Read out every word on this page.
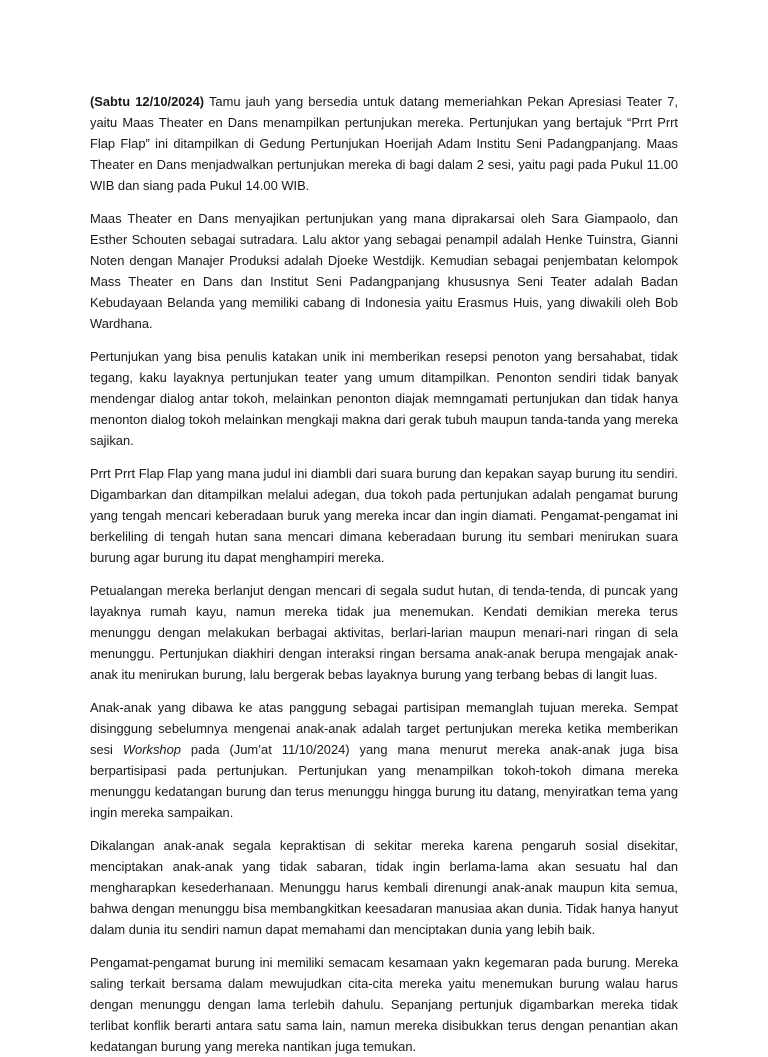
(Sabtu 12/10/2024) Tamu jauh yang bersedia untuk datang memeriahkan Pekan Apresiasi Teater 7, yaitu Maas Theater en Dans menampilkan pertunjukan mereka. Pertunjukan yang bertajuk “Prrt Prrt Flap Flap” ini ditampilkan di Gedung Pertunjukan Hoerijah Adam Institu Seni Padangpanjang. Maas Theater en Dans menjadwalkan pertunjukan mereka di bagi dalam 2 sesi, yaitu pagi pada Pukul 11.00 WIB dan siang pada Pukul 14.00 WIB.

Maas Theater en Dans menyajikan pertunjukan yang mana diprakarsai oleh Sara Giampaolo, dan Esther Schouten sebagai sutradara. Lalu aktor yang sebagai penampil adalah Henke Tuinstra, Gianni Noten dengan Manajer Produksi adalah Djoeke Westdijk. Kemudian sebagai penjembatan kelompok Mass Theater en Dans dan Institut Seni Padangpanjang khususnya Seni Teater adalah Badan Kebudayaan Belanda yang memiliki cabang di Indonesia yaitu Erasmus Huis, yang diwakili oleh Bob Wardhana.

Pertunjukan yang bisa penulis katakan unik ini memberikan resepsi penoton yang bersahabat, tidak tegang, kaku layaknya pertunjukan teater yang umum ditampilkan. Penonton sendiri tidak banyak mendengar dialog antar tokoh, melainkan penonton diajak memngamati pertunjukan dan tidak hanya menonton dialog tokoh melainkan mengkaji makna dari gerak tubuh maupun tanda-tanda yang mereka sajikan.

Prrt Prrt Flap Flap yang mana judul ini diambli dari suara burung dan kepakan sayap burung itu sendiri. Digambarkan dan ditampilkan melalui adegan, dua tokoh pada pertunjukan adalah pengamat burung yang tengah mencari keberadaan buruk yang mereka incar dan ingin diamati. Pengamat-pengamat ini berkeliling di tengah hutan sana mencari dimana keberadaan burung itu sembari menirukan suara burung agar burung itu dapat menghampiri mereka.

Petualangan mereka berlanjut dengan mencari di segala sudut hutan, di tenda-tenda, di puncak yang layaknya rumah kayu, namun mereka tidak jua menemukan. Kendati demikian mereka terus menunggu dengan melakukan berbagai aktivitas, berlari-larian maupun menari-nari ringan di sela menunggu. Pertunjukan diakhiri dengan interaksi ringan bersama anak-anak berupa mengajak anak-anak itu menirukan burung, lalu bergerak bebas layaknya burung yang terbang bebas di langit luas.

Anak-anak yang dibawa ke atas panggung sebagai partisipan memanglah tujuan mereka. Sempat disinggung sebelumnya mengenai anak-anak adalah target pertunjukan mereka ketika memberikan sesi Workshop pada (Jum’at 11/10/2024) yang mana menurut mereka anak-anak juga bisa berpartisipasi pada pertunjukan. Pertunjukan yang menampilkan tokoh-tokoh dimana mereka menunggu kedatangan burung dan terus menunggu hingga burung itu datang, menyiratkan tema yang ingin mereka sampaikan.

Dikalangan anak-anak segala kepraktisan di sekitar mereka karena pengaruh sosial disekitar, menciptakan anak-anak yang tidak sabaran, tidak ingin berlama-lama akan sesuatu hal dan mengharapkan kesederhanaan. Menunggu harus kembali direnungi anak-anak maupun kita semua, bahwa dengan menunggu bisa membangkitkan keesadaran manusiaa akan dunia. Tidak hanya hanyut dalam dunia itu sendiri namun dapat memahami dan menciptakan dunia yang lebih baik.

Pengamat-pengamat burung ini memiliki semacam kesamaan yakn kegemaran pada burung. Mereka saling terkait bersama dalam mewujudkan cita-cita mereka yaitu menemukan burung walau harus dengan menunggu dengan lama terlebih dahulu. Sepanjang pertunjuk digambarkan mereka tidak terlibat konflik berarti antara satu sama lain, namun mereka disibukkan terus dengan penantian akan kedatangan burung yang mereka nantikan juga temukan.
